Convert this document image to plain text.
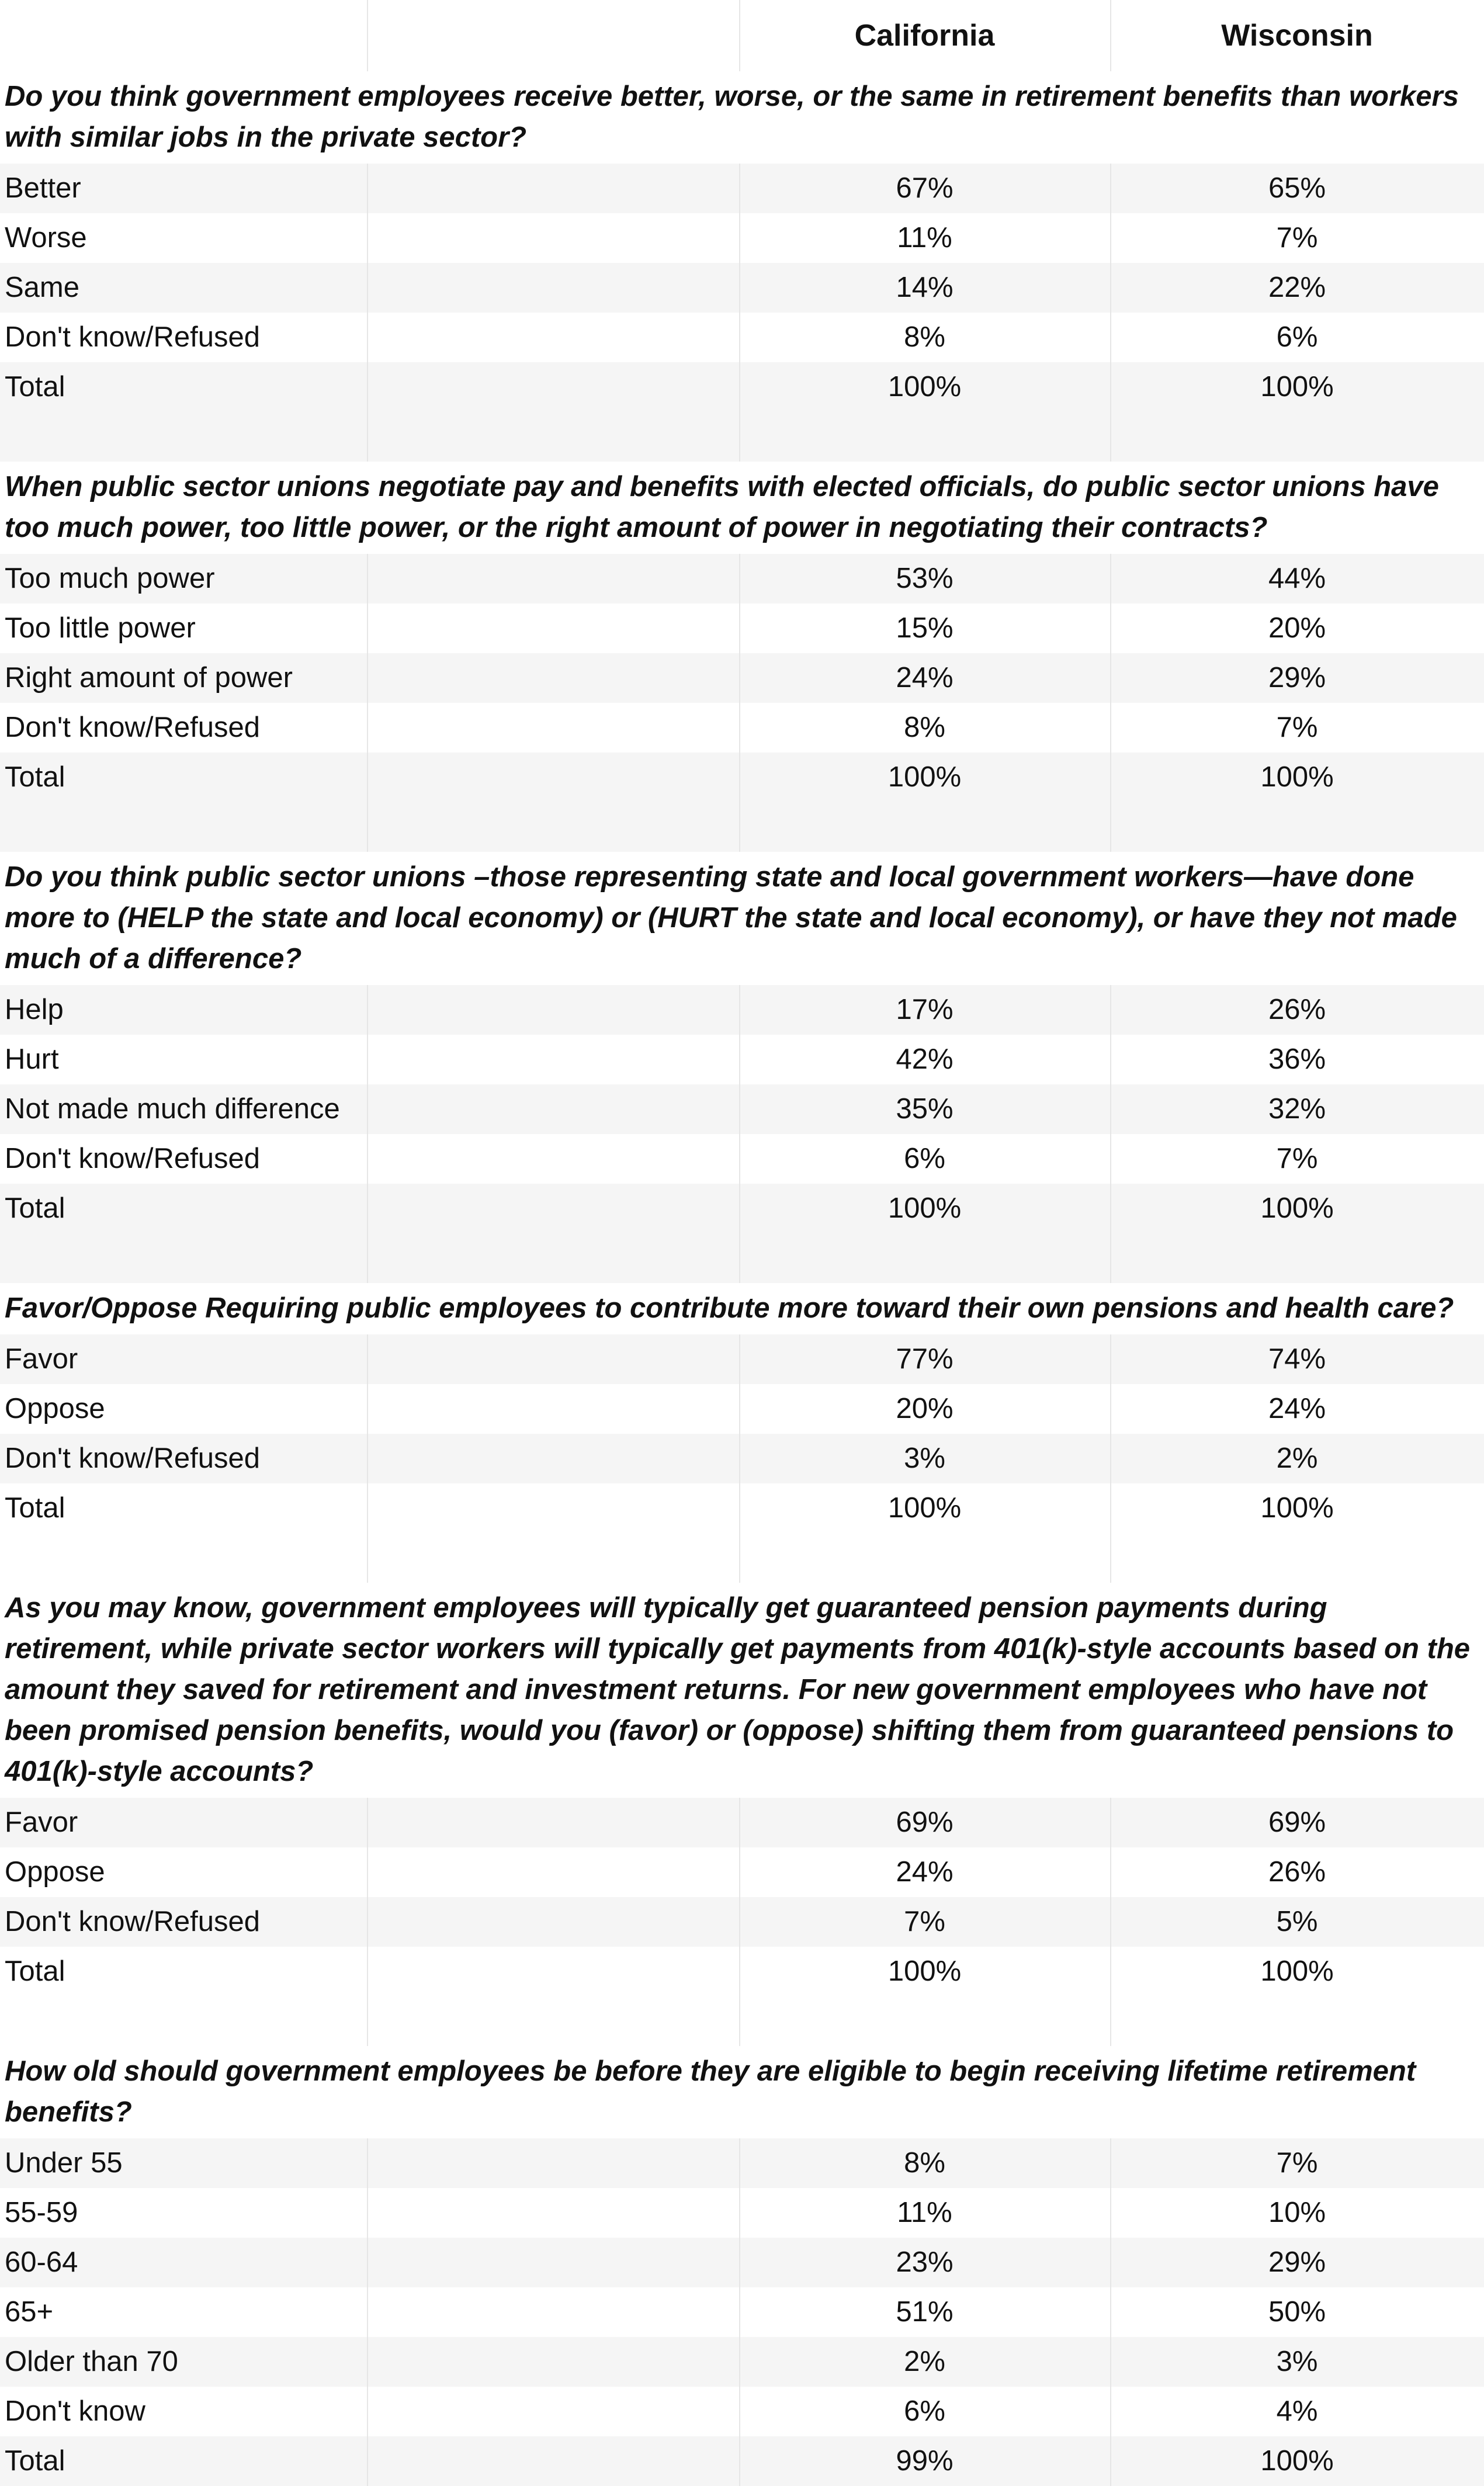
California	Wisconsin
Do you think government employees receive better, worse, or the same in retirement benefits than workers with similar jobs in the private sector?
Better	67%	65%
Worse	11%	7%
Same	14%	22%
Don't know/Refused	8%	6%
Total	100%	100%
When public sector unions negotiate pay and benefits with elected officials, do public sector unions have too much power, too little power, or the right amount of power in negotiating their contracts?
Too much power	53%	44%
Too little power	15%	20%
Right amount of power	24%	29%
Don't know/Refused	8%	7%
Total	100%	100%
Do you think public sector unions –those representing state and local government workers—have done more to (HELP the state and local economy) or (HURT the state and local economy), or have they not made much of a difference?
Help	17%	26%
Hurt	42%	36%
Not made much difference	35%	32%
Don't know/Refused	6%	7%
Total	100%	100%
Favor/Oppose Requiring public employees to contribute more toward their own pensions and health care?
Favor	77%	74%
Oppose	20%	24%
Don't know/Refused	3%	2%
Total	100%	100%
As you may know, government employees will typically get guaranteed pension payments during retirement, while private sector workers will typically get payments from 401(k)-style accounts based on the amount they saved for retirement and investment returns. For new government employees who have not been promised pension benefits, would you (favor) or (oppose) shifting them from guaranteed pensions to 401(k)-style accounts?
Favor	69%	69%
Oppose	24%	26%
Don't know/Refused	7%	5%
Total	100%	100%
How old should government employees be before they are eligible to begin receiving lifetime retirement benefits?
Under 55	8%	7%
55-59	11%	10%
60-64	23%	29%
65+	51%	50%
Older than 70	2%	3%
Don't know	6%	4%
Total	99%	100%
